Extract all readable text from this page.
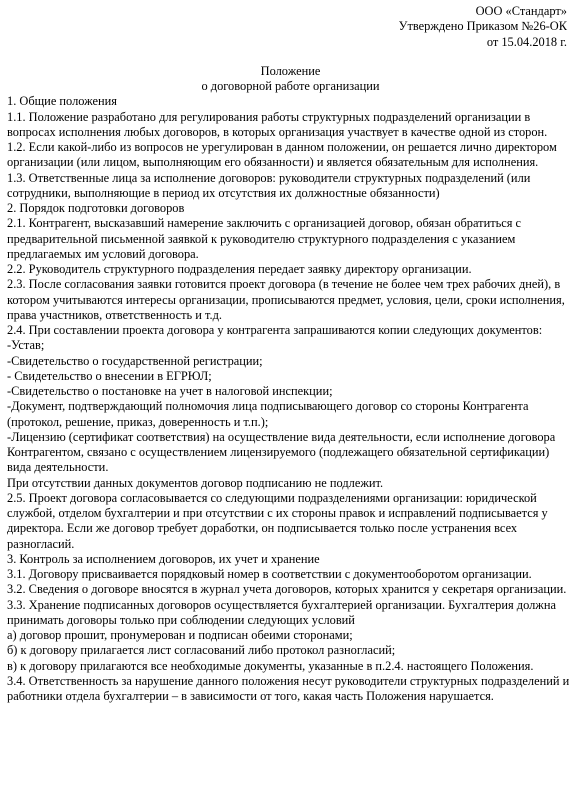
ООО «Стандарт»
Утверждено Приказом №26-ОК
от 15.04.2018 г.
Положение
о договорной работе организации

1. Общие положения

1.1. Положение разработано для регулирования работы структурных подразделений организации в вопросах исполнения любых договоров, в которых организация участвует в качестве одной из сторон.

1.2. Если какой-либо из вопросов не урегулирован в данном положении, он решается лично директором организации (или лицом, выполняющим его обязанности) и является обязательным для исполнения.

1.3. Ответственные лица за исполнение договоров: руководители структурных подразделений (или сотрудники, выполняющие в период их отсутствия их должностные обязанности)

2. Порядок подготовки договоров

2.1. Контрагент, высказавший намерение заключить с организацией договор, обязан обратиться с предварительной письменной заявкой к руководителю структурного подразделения с указанием предлагаемых им условий договора.

2.2. Руководитель структурного подразделения передает заявку директору организации.

2.3. После согласования заявки готовится проект договора (в течение не более чем трех рабочих дней), в котором учитываются интересы организации, прописываются предмет, условия, цели, сроки исполнения, права участников, ответственность и т.д.

2.4. При составлении проекта договора у контрагента запрашиваются копии следующих документов:

-Устав;

-Свидетельство о государственной регистрации;

- Свидетельство о внесении в ЕГРЮЛ;

-Свидетельство о постановке на учет в налоговой инспекции;

-Документ, подтверждающий полномочия лица подписывающего договор со стороны Контрагента (протокол, решение, приказ, доверенность и т.п.);

-Лицензию (сертификат соответствия) на осуществление вида деятельности, если исполнение договора Контрагентом, связано с осуществлением лицензируемого (подлежащего обязательной сертификации) вида деятельности.

При отсутствии данных документов договор подписанию не подлежит.

2.5. Проект договора согласовывается со следующими подразделениями организации: юридической службой, отделом бухгалтерии и при отсутствии с их стороны правок и исправлений подписывается у директора. Если же договор требует доработки, он подписывается только после устранения всех разногласий.

3. Контроль за исполнением договоров, их учет и хранение

3.1. Договору присваивается порядковый номер в соответствии с документооборотом организации.

3.2. Сведения о договоре вносятся в журнал учета договоров, которых хранится у секретаря организации.

3.3. Хранение подписанных договоров осуществляется бухгалтерией организации. Бухгалтерия должна принимать договоры только при соблюдении следующих условий

а) договор прошит, пронумерован и подписан обеими сторонами;

б) к договору прилагается лист согласований либо протокол разногласий;

в) к договору прилагаются все необходимые документы, указанные в п.2.4. настоящего Положения.

3.4. Ответственность за нарушение данного положения несут руководители структурных подразделений и работники отдела бухгалтерии – в зависимости от того, какая часть Положения нарушается.
